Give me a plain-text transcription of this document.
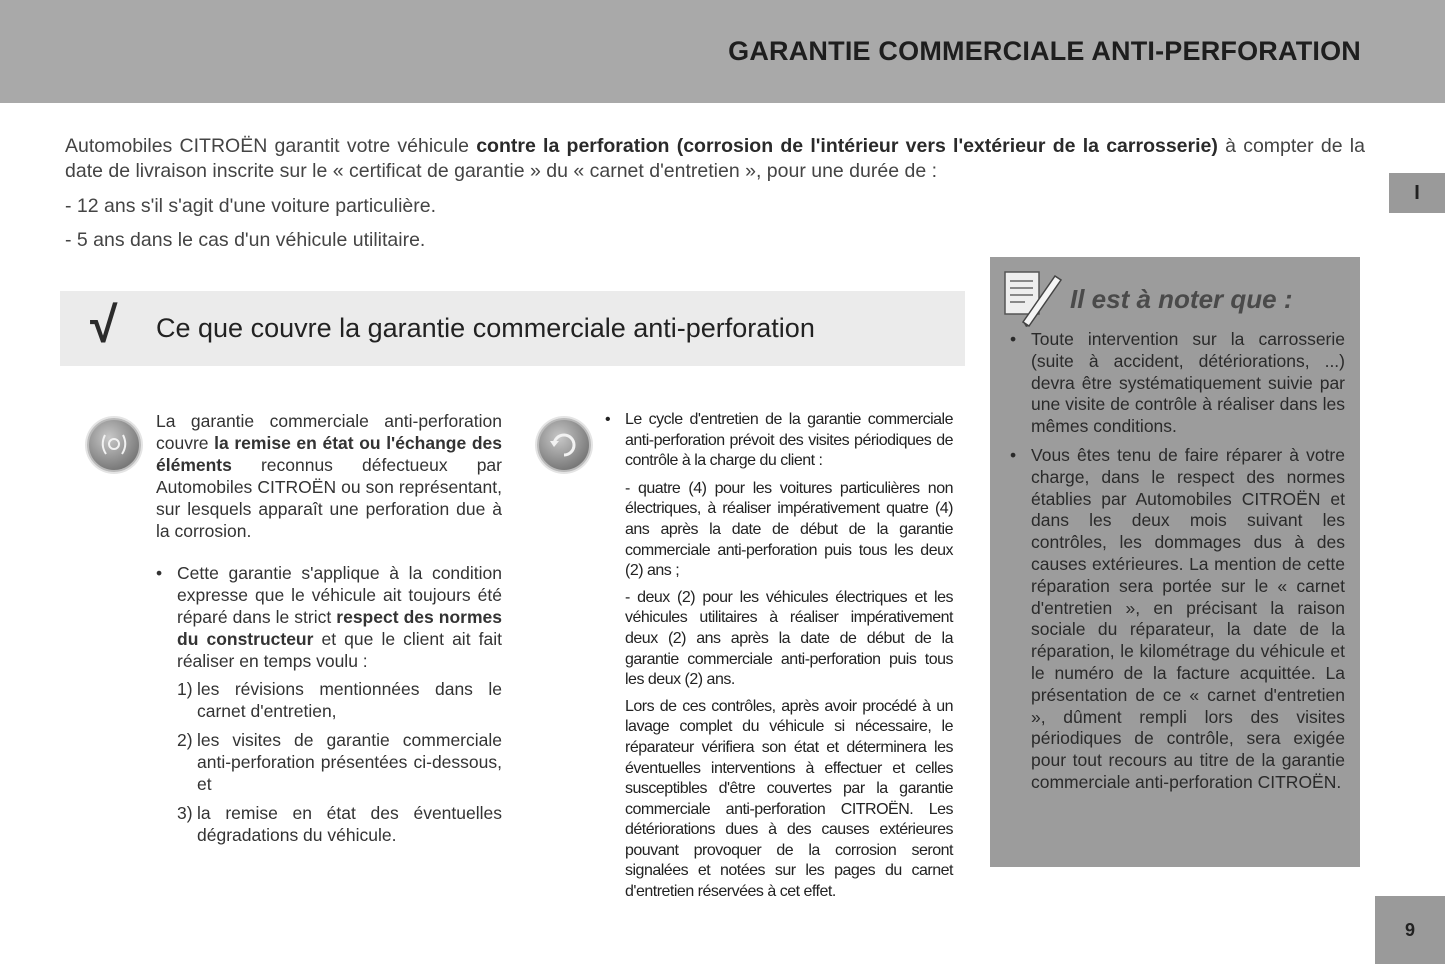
GARANTIE COMMERCIALE ANTI-PERFORATION
I
Automobiles CITROËN garantit votre véhicule contre la perforation (corrosion de l'intérieur vers l'extérieur de la carrosserie) à compter de la date de livraison inscrite sur le « certificat de garantie » du « carnet d'entretien », pour une durée de :
- 12 ans s'il s'agit d'une voiture particulière.
- 5 ans dans le cas d'un véhicule utilitaire.
√ Ce que couvre la garantie commerciale anti-perforation

La garantie commerciale anti-perforation couvre la remise en état ou l'échange des éléments reconnus défectueux par Automobiles CITROËN ou son représentant, sur lesquels apparaît une perforation due à la corrosion.

• Cette garantie s'applique à la condition expresse que le véhicule ait toujours été réparé dans le strict respect des normes du constructeur et que le client ait fait réaliser en temps voulu :

1) les révisions mentionnées dans le carnet d'entretien,

2) les visites de garantie commerciale anti-perforation présentées ci-dessous, et

3) la remise en état des éventuelles dégradations du véhicule.

• Le cycle d'entretien de la garantie commerciale anti-perforation prévoit des visites périodiques de contrôle à la charge du client :

- quatre (4) pour les voitures particulières non électriques, à réaliser impérativement quatre (4) ans après la date de début de la garantie commerciale anti-perforation puis tous les deux (2) ans ;

- deux (2) pour les véhicules électriques et les véhicules utilitaires à réaliser impérativement deux (2) ans après la date de début de la garantie commerciale anti-perforation puis tous les deux (2) ans.

Lors de ces contrôles, après avoir procédé à un lavage complet du véhicule si nécessaire, le réparateur vérifiera son état et déterminera les éventuelles interventions à effectuer et celles susceptibles d'être couvertes par la garantie commerciale anti-perforation CITROËN. Les détériorations dues à des causes extérieures pouvant provoquer de la corrosion seront signalées et notées sur les pages du carnet d'entretien réservées à cet effet.

Il est à noter que :

• Toute intervention sur la carrosserie (suite à accident, détériorations, ...) devra être systématiquement suivie par une visite de contrôle à réaliser dans les mêmes conditions.

• Vous êtes tenu de faire réparer à votre charge, dans le respect des normes établies par Automobiles CITROËN et dans les deux mois suivant les contrôles, les dommages dus à des causes extérieures. La mention de cette réparation sera portée sur le « carnet d'entretien », en précisant la raison sociale du réparateur, la date de la réparation, le kilométrage du véhicule et le numéro de la facture acquittée. La présentation de ce « carnet d'entretien », dûment rempli lors des visites périodiques de contrôle, sera exigée pour tout recours au titre de la garantie commerciale anti-perforation CITROËN.

9
